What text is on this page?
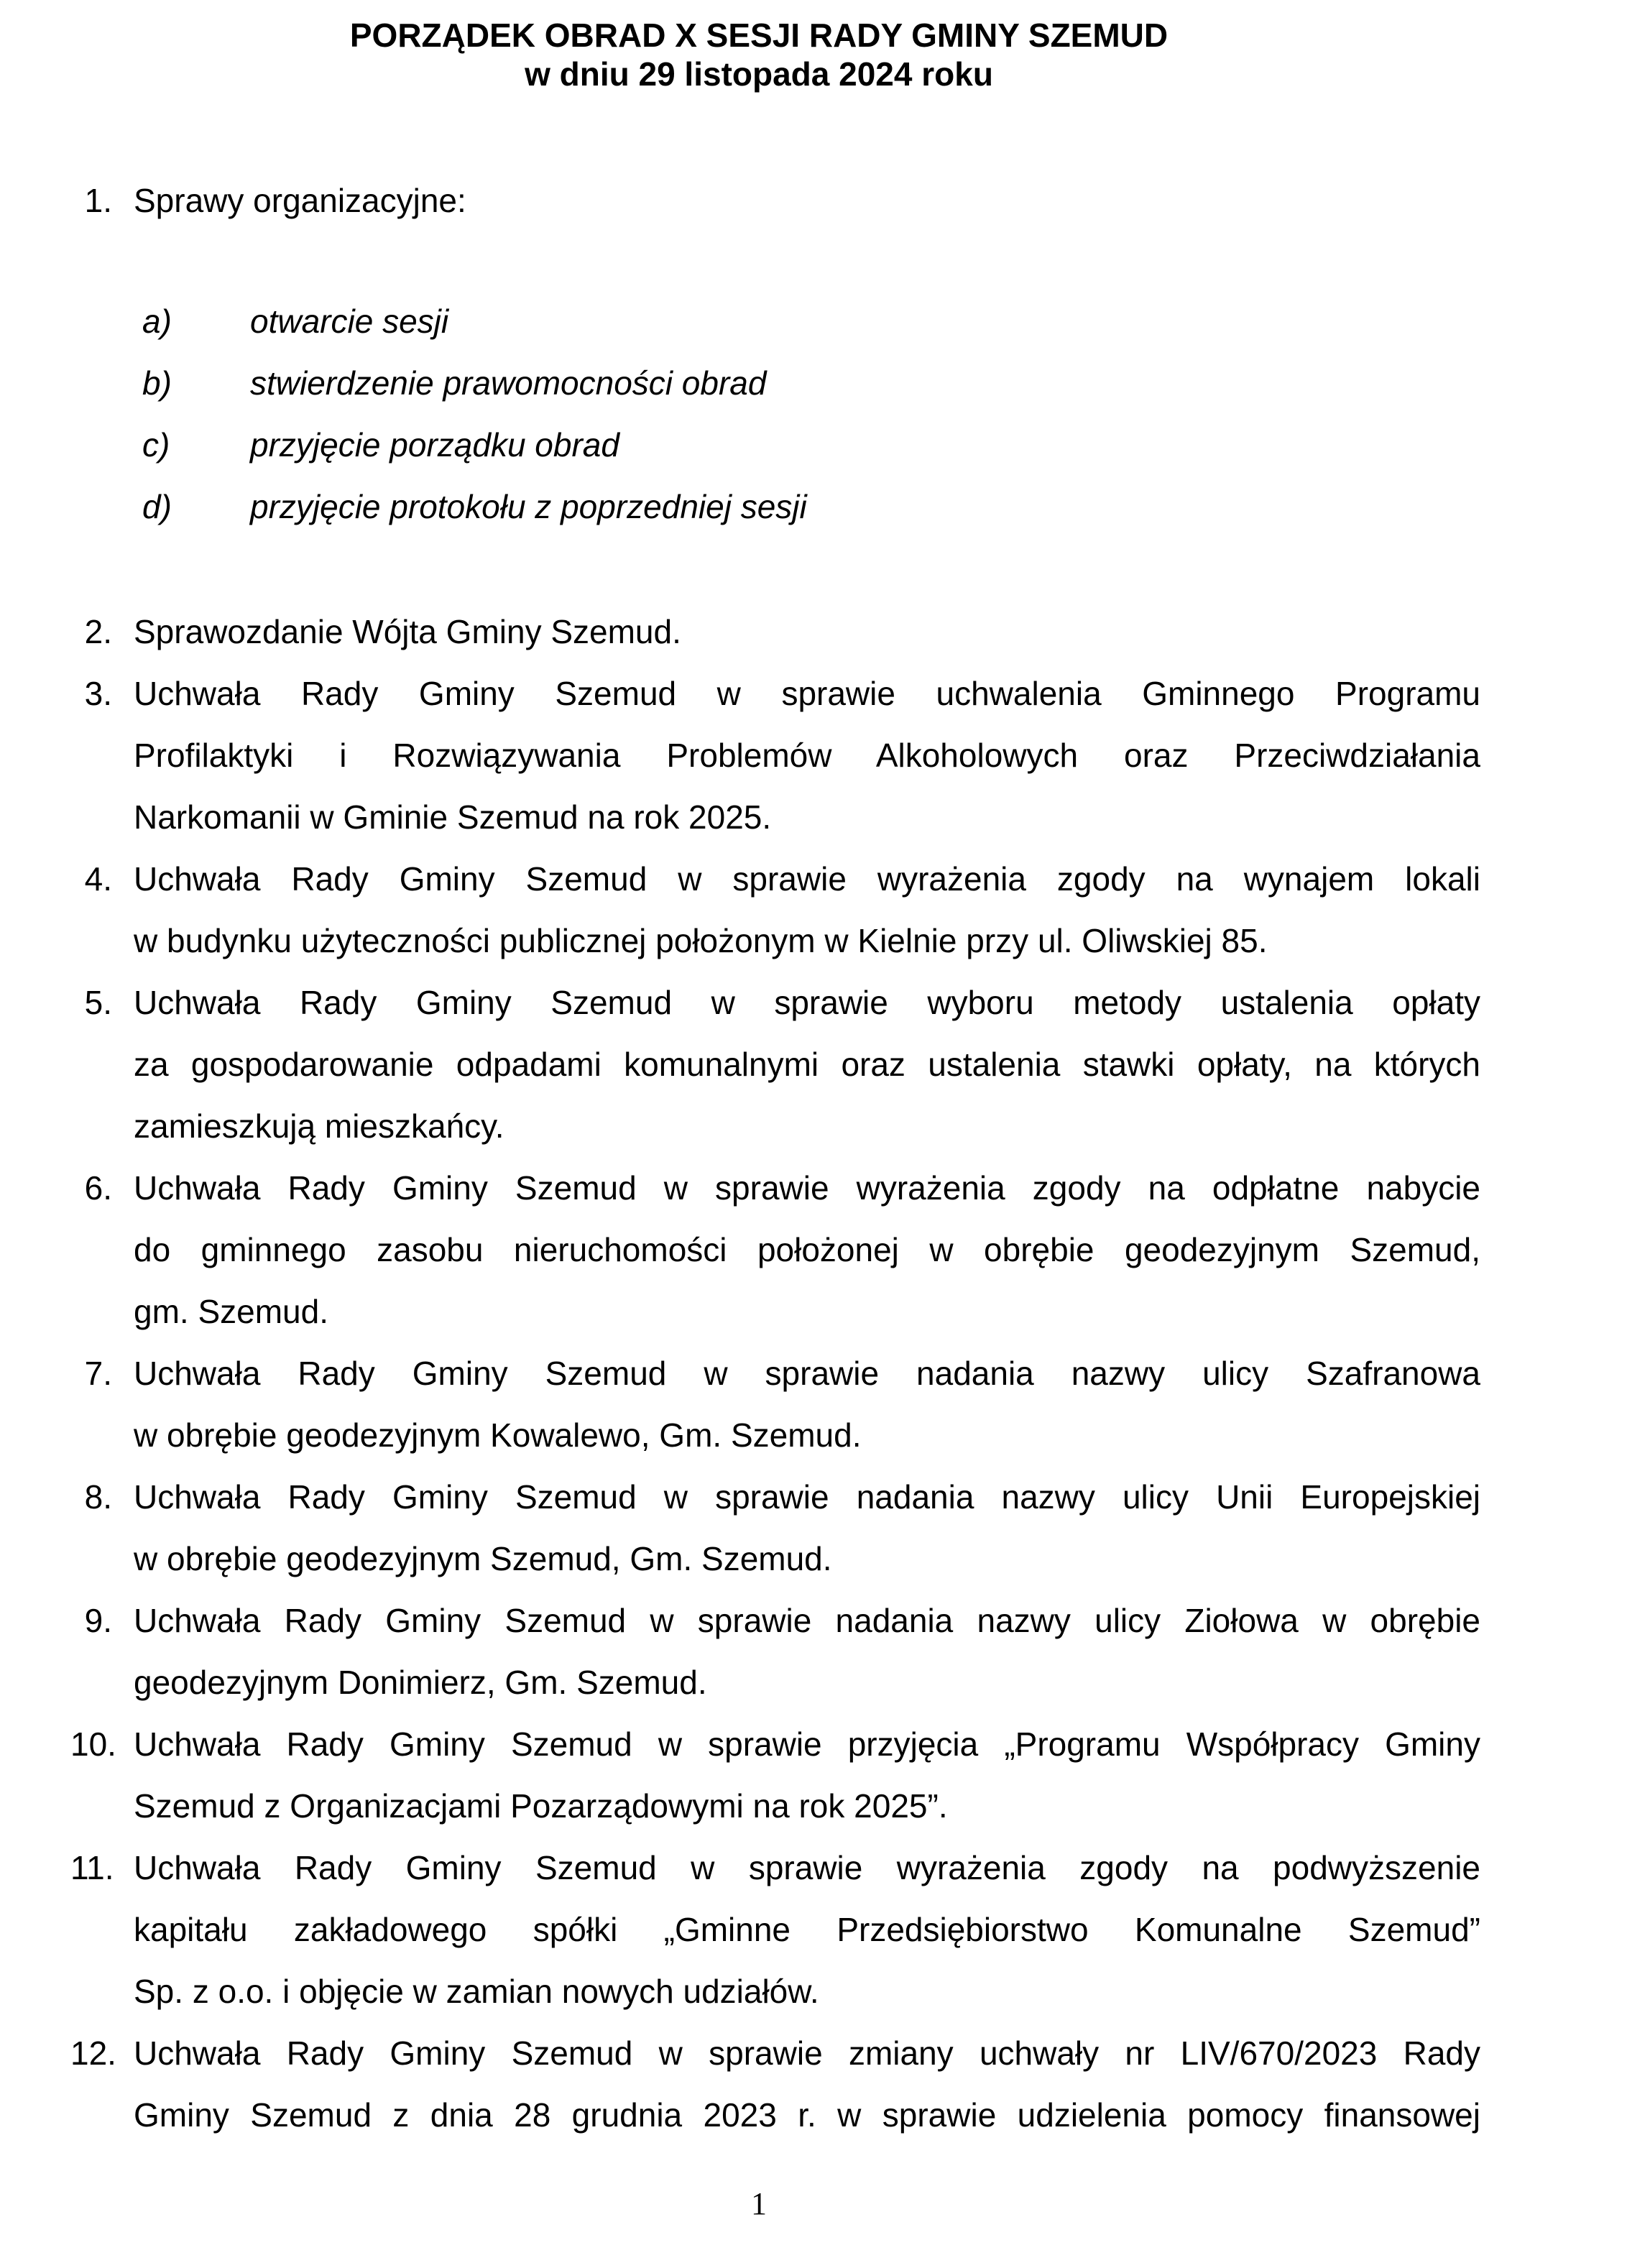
PORZĄDEK OBRAD X SESJI RADY GMINY SZEMUD
w dniu 29 listopada 2024 roku
1. Sprawy organizacyjne:
a) otwarcie sesji
b) stwierdzenie prawomocności obrad
c) przyjęcie porządku obrad
d) przyjęcie protokołu z poprzedniej sesji
2. Sprawozdanie Wójta Gminy Szemud.
3. Uchwała Rady Gminy Szemud w sprawie uchwalenia Gminnego Programu
Profilaktyki i Rozwiązywania Problemów Alkoholowych oraz Przeciwdziałania
Narkomanii w Gminie Szemud na rok 2025.
4. Uchwała Rady Gminy Szemud w sprawie wyrażenia zgody na wynajem lokali
w budynku użyteczności publicznej położonym w Kielnie przy ul. Oliwskiej 85.
5. Uchwała Rady Gminy Szemud w sprawie wyboru metody ustalenia opłaty
za gospodarowanie odpadami komunalnymi oraz ustalenia stawki opłaty, na których
zamieszkują mieszkańcy.
6. Uchwała Rady Gminy Szemud w sprawie wyrażenia zgody na odpłatne nabycie
do gminnego zasobu nieruchomości położonej w obrębie geodezyjnym Szemud,
gm. Szemud.
7. Uchwała Rady Gminy Szemud w sprawie nadania nazwy ulicy Szafranowa
w obrębie geodezyjnym Kowalewo, Gm. Szemud.
8. Uchwała Rady Gminy Szemud w sprawie nadania nazwy ulicy Unii Europejskiej
w obrębie geodezyjnym Szemud, Gm. Szemud.
9. Uchwała Rady Gminy Szemud w sprawie nadania nazwy ulicy Ziołowa w obrębie
geodezyjnym Donimierz, Gm. Szemud.
10. Uchwała Rady Gminy Szemud w sprawie przyjęcia „Programu Współpracy Gminy
Szemud z Organizacjami Pozarządowymi na rok 2025”.
11. Uchwała Rady Gminy Szemud w sprawie wyrażenia zgody na podwyższenie
kapitału zakładowego spółki „Gminne Przedsiębiorstwo Komunalne Szemud”
Sp. z o.o. i objęcie w zamian nowych udziałów.
12. Uchwała Rady Gminy Szemud w sprawie zmiany uchwały nr LIV/670/2023 Rady
Gminy Szemud z dnia 28 grudnia 2023 r. w sprawie udzielenia pomocy finansowej
1
